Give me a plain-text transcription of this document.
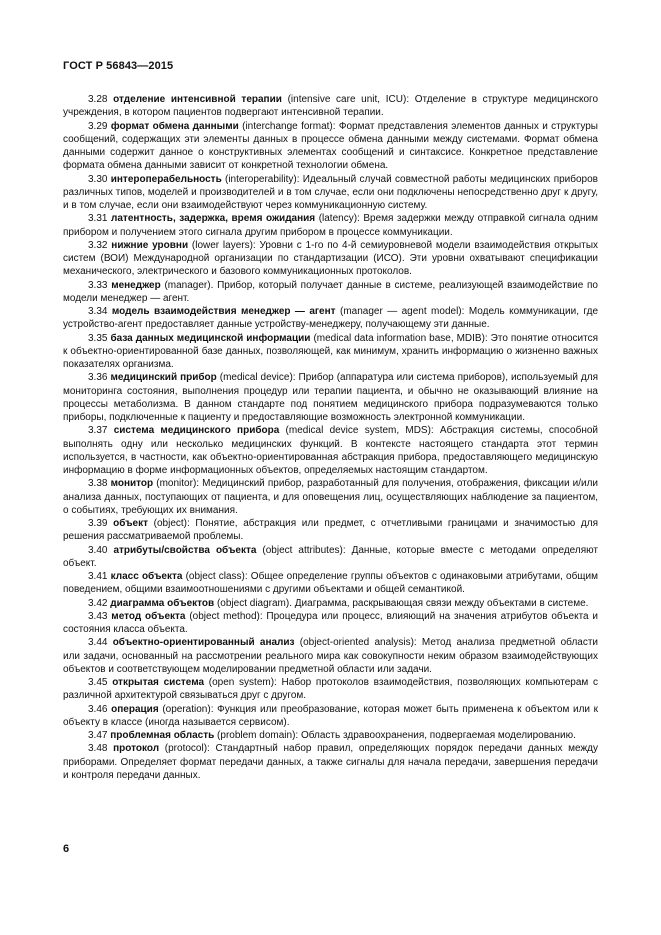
ГОСТ Р 56843—2015

3.28 отделение интенсивной терапии (intensive care unit, ICU): Отделение в структуре медицинского учреждения, в котором пациентов подвергают интенсивной терапии.

3.29 формат обмена данными (interchange format): Формат представления элементов данных и структуры сообщений, содержащих эти элементы данных в процессе обмена данными между системами. Формат обмена данными содержит данное о конструктивных элементах сообщений и синтаксисе. Конкретное представление формата обмена данными зависит от конкретной технологии обмена.

3.30 интероперабельность (interoperability): Идеальный случай совместной работы медицинских приборов различных типов, моделей и производителей и в том случае, если они подключены непосредственно друг к другу, и в том случае, если они взаимодействуют через коммуникационную систему.

3.31 латентность, задержка, время ожидания (latency): Время задержки между отправкой сигнала одним прибором и получением этого сигнала другим прибором в процессе коммуникации.

3.32 нижние уровни (lower layers): Уровни с 1-го по 4-й семиуровневой модели взаимодействия открытых систем (ВОИ) Международной организации по стандартизации (ИСО). Эти уровни охватывают спецификации механического, электрического и базового коммуникационных протоколов.

3.33 менеджер (manager). Прибор, который получает данные в системе, реализующей взаимодействие по модели менеджер — агент.

3.34 модель взаимодействия менеджер — агент (manager — agent model): Модель коммуникации, где устройство-агент предоставляет данные устройству-менеджеру, получающему эти данные.

3.35 база данных медицинской информации (medical data information base, MDIB): Это понятие относится к объектно-ориентированной базе данных, позволяющей, как минимум, хранить информацию о жизненно важных показателях организма.

3.36 медицинский прибор (medical device): Прибор (аппаратура или система приборов), используемый для мониторинга состояния, выполнения процедур или терапии пациента, и обычно не оказывающий влияние на процессы метаболизма. В данном стандарте под понятием медицинского прибора подразумеваются только приборы, подключенные к пациенту и предоставляющие возможность электронной коммуникации.

3.37 система медицинского прибора (medical device system, MDS): Абстракция системы, способной выполнять одну или несколько медицинских функций. В контексте настоящего стандарта этот термин используется, в частности, как объектно-ориентированная абстракция прибора, предоставляющего медицинскую информацию в форме информационных объектов, определяемых настоящим стандартом.

3.38 монитор (monitor): Медицинский прибор, разработанный для получения, отображения, фиксации и/или анализа данных, поступающих от пациента, и для оповещения лиц, осуществляющих наблюдение за пациентом, о событиях, требующих их внимания.

3.39 объект (object): Понятие, абстракция или предмет, с отчетливыми границами и значимостью для решения рассматриваемой проблемы.

3.40 атрибуты/свойства объекта (object attributes): Данные, которые вместе с методами определяют объект.

3.41 класс объекта (object class): Общее определение группы объектов с одинаковыми атрибутами, общим поведением, общими взаимоотношениями с другими объектами и общей семантикой.

3.42 диаграмма объектов (object diagram). Диаграмма, раскрывающая связи между объектами в системе.

3.43 метод объекта (object method): Процедура или процесс, влияющий на значения атрибутов объекта и состояния класса объекта.

3.44 объектно-ориентированный анализ (object-oriented analysis): Метод анализа предметной области или задачи, основанный на рассмотрении реального мира как совокупности неким образом взаимодействующих объектов и соответствующем моделировании предметной области или задачи.

3.45 открытая система (open system): Набор протоколов взаимодействия, позволяющих компьютерам с различной архитектурой связываться друг с другом.

3.46 операция (operation): Функция или преобразование, которая может быть применена к объектом или к объекту в классе (иногда называется сервисом).

3.47 проблемная область (problem domain): Область здравоохранения, подвергаемая моделированию.

3.48 протокол (protocol): Стандартный набор правил, определяющих порядок передачи данных между приборами. Определяет формат передачи данных, а также сигналы для начала передачи, завершения передачи и контроля передачи данных.

6
